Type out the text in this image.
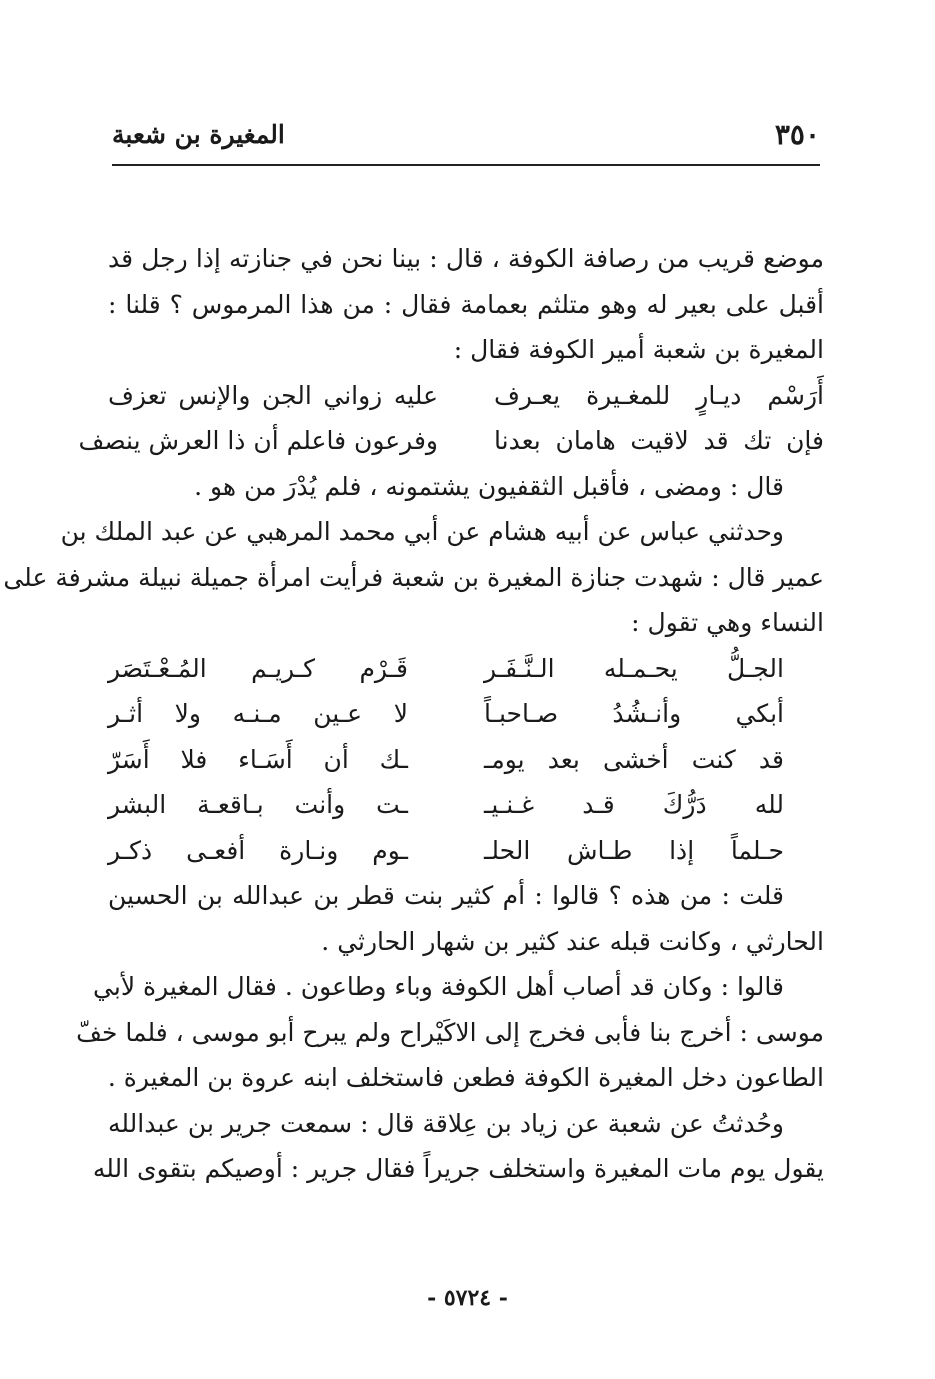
٣٥٠
المغيرة بن شعبة
موضع قريب من رصافة الكوفة ، قال : بينا نحن في جنازته إذا رجل قد
أقبل على بعير له وهو متلثم بعمامة فقال : من هذا المرموس ؟ قلنا :
المغيرة بن شعبة أمير الكوفة فقال :
أَرَسْم ديـارٍ للمغـيرة يعـرف
عليه زواني الجن والإنس تعزف
فإن تك قد لاقيت هامان بعدنا
وفرعون فاعلم أن ذا العرش ينصف
قال : ومضى ، فأقبل الثقفيون يشتمونه ، فلم يُدْرَ من هو .
وحدثني عباس عن أبيه هشام عن أبي محمد المرهبي عن عبد الملك بن
عمير قال : شهدت جنازة المغيرة بن شعبة فرأيت امرأة جميلة نبيلة مشرفة على
النساء وهي تقول :
الجـلُّ يحـمـله الـنَّـفَـر
قَـرْم كـريـم المُـعْـتَصَر
أبكي وأنـشُدُ صـاحبـاً
لا عـين مـنـه ولا أثـر
قد كنت أخشى بعد يومـ
ـك أن أَسَـاء فلا أَسَرّ
لله دَرُّكَ قـد غـنـيـ
ـت وأنت بـاقعـة البشر
حـلماً إذا طـاش الحلـ
ـوم ونـارة أفعـى ذكـر
قلت : من هذه ؟ قالوا : أم كثير بنت قطر بن عبدالله بن الحسين
الحارثي ، وكانت قبله عند كثير بن شهار الحارثي .
قالوا : وكان قد أصاب أهل الكوفة وباء وطاعون . فقال المغيرة لأبي
موسى : أخرج بنا فأبى فخرج إلى الاكَيْراح ولم يبرح أبو موسى ، فلما خفّ
الطاعون دخل المغيرة الكوفة فطعن فاستخلف ابنه عروة بن المغيرة .
وحُدثتُ عن شعبة عن زياد بن عِلاقة قال : سمعت جرير بن عبدالله
يقول يوم مات المغيرة واستخلف جريراً فقال جرير : أوصيكم بتقوى الله
- ٥٧٢٤ -
